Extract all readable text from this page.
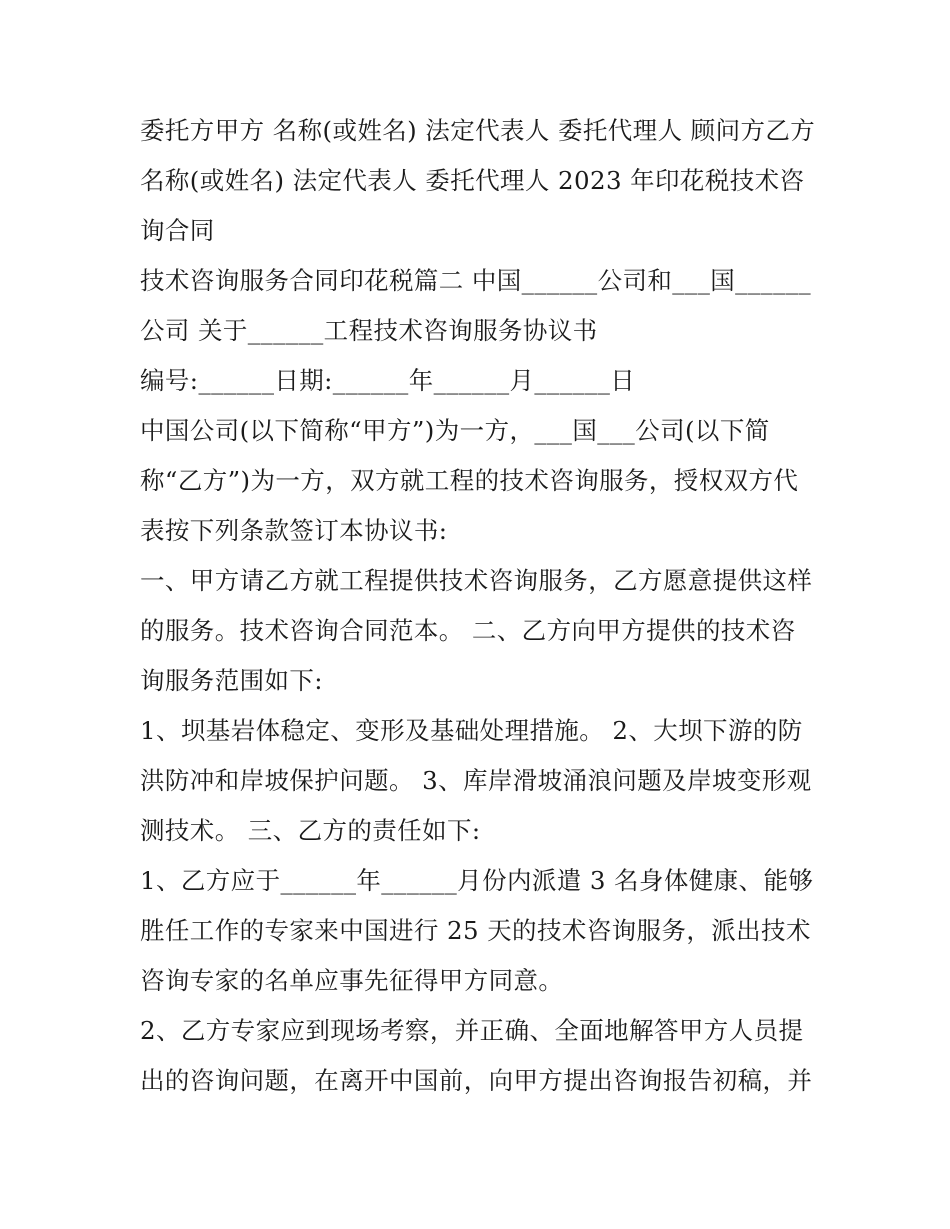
委托方甲方 名称(或姓名) 法定代表人 委托代理人 顾问方乙方名称(或姓名) 法定代表人 委托代理人 2023 年印花税技术咨询合同

技术咨询服务合同印花税篇二 中国______公司和___国______公司 关于______工程技术咨询服务协议书

编号:______日期:______年______月______日

中国公司(以下简称“甲方”)为一方，___国___公司(以下简称“乙方”)为一方，双方就工程的技术咨询服务，授权双方代表按下列条款签订本协议书:

一、甲方请乙方就工程提供技术咨询服务，乙方愿意提供这样的服务。技术咨询合同范本。 二、乙方向甲方提供的技术咨询服务范围如下:

1、坝基岩体稳定、变形及基础处理措施。 2、大坝下游的防洪防冲和岸坡保护问题。 3、库岸滑坡涌浪问题及岸坡变形观测技术。 三、乙方的责任如下:

1、乙方应于______年______月份内派遣 3 名身体健康、能够胜任工作的专家来中国进行 25 天的技术咨询服务，派出技术咨询专家的名单应事先征得甲方同意。

2、乙方专家应到现场考察，并正确、全面地解答甲方人员提出的咨询问题，在离开中国前，向甲方提出咨询报告初稿，并
